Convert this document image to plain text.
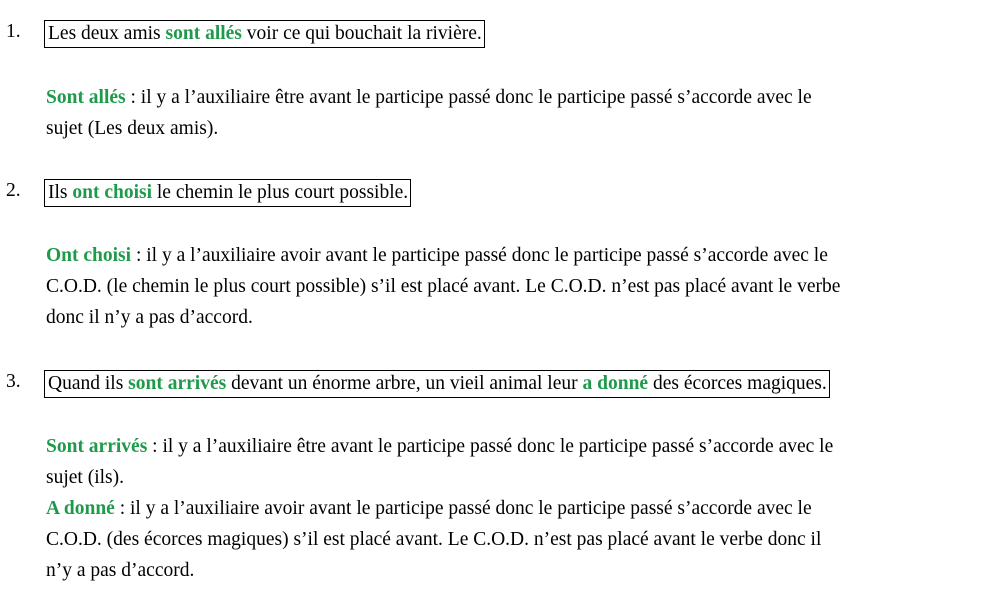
1. Les deux amis sont allés voir ce qui bouchait la rivière.
Sont allés : il y a l’auxiliaire être avant le participe passé donc le participe passé s’accorde avec le
sujet (Les deux amis).
2. Ils ont choisi le chemin le plus court possible.
Ont choisi : il y a l’auxiliaire avoir avant le participe passé donc le participe passé s’accorde avec le
C.O.D. (le chemin le plus court possible) s’il est placé avant. Le C.O.D. n’est pas placé avant le verbe
donc il n’y a pas d’accord.
3. Quand ils sont arrivés devant un énorme arbre, un vieil animal leur a donné des écorces magiques.
Sont arrivés : il y a l’auxiliaire être avant le participe passé donc le participe passé s’accorde avec le
sujet (ils).
A donné : il y a l’auxiliaire avoir avant le participe passé donc le participe passé s’accorde avec le
C.O.D. (des écorces magiques) s’il est placé avant. Le C.O.D. n’est pas placé avant le verbe donc il
n’y a pas d’accord.
